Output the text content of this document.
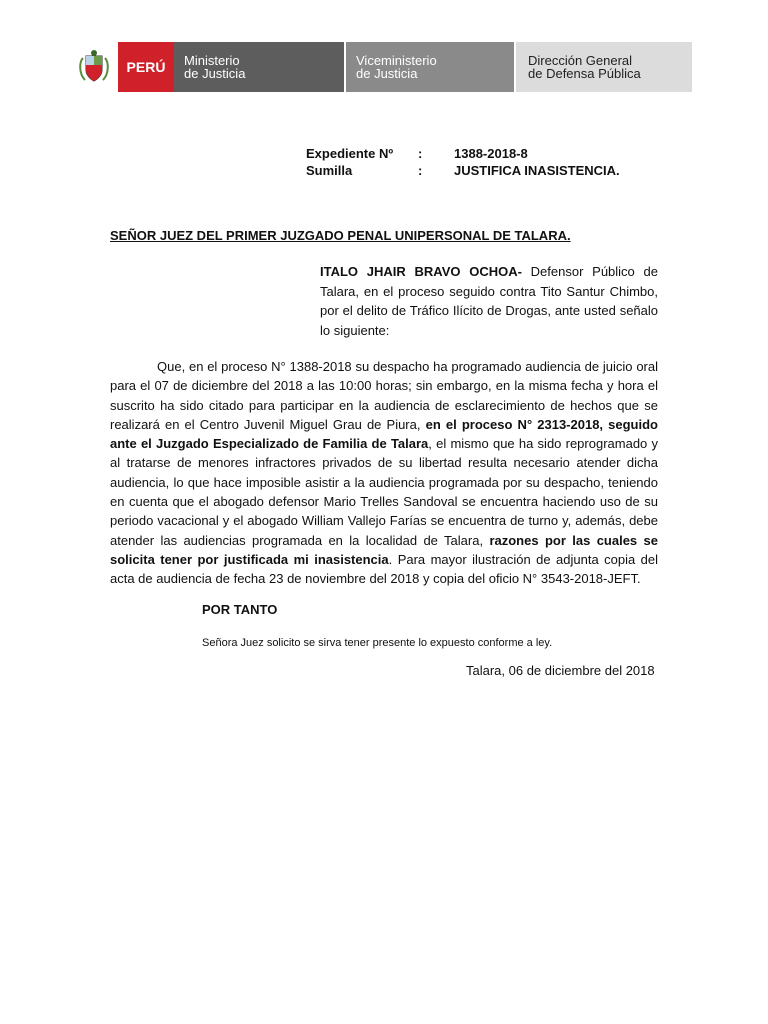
PERÚ	Ministerio
de Justicia
Viceministerio
de Justicia
Dirección General
de Defensa Pública
Expediente Nº	:	1388-2018-8
Sumilla	:	JUSTIFICA INASISTENCIA.
SEÑOR JUEZ DEL PRIMER JUZGADO PENAL UNIPERSONAL DE TALARA.
ITALO JHAIR BRAVO OCHOA- Defensor Público de Talara, en el proceso seguido contra Tito Santur Chimbo, por el delito de Tráfico Ilícito de Drogas, ante usted señalo lo siguiente:
Que, en el proceso N° 1388-2018 su despacho ha programado audiencia de juicio oral para el 07 de diciembre del 2018 a las 10:00 horas; sin embargo, en la misma fecha y hora el suscrito ha sido citado para participar en la audiencia de esclarecimiento de hechos que se realizará en el Centro Juvenil Miguel Grau de Piura, en el proceso N° 2313-2018, seguido ante el Juzgado Especializado de Familia de Talara, el mismo que ha sido reprogramado y al tratarse de menores infractores privados de su libertad resulta necesario atender dicha audiencia, lo que hace imposible asistir a la audiencia programada por su despacho, teniendo en cuenta que el abogado defensor Mario Trelles Sandoval se encuentra haciendo uso de su periodo vacacional y el abogado William Vallejo Farías se encuentra de turno y, además, debe atender las audiencias programada en la localidad de Talara, razones por las cuales se solicita tener por justificada mi inasistencia. Para mayor ilustración de adjunta copia del acta de audiencia de fecha 23 de noviembre del 2018 y copia del oficio N° 3543-2018-JEFT.
POR TANTO
Señora Juez solicito se sirva tener presente lo expuesto conforme a ley.
Talara, 06 de diciembre del 2018
